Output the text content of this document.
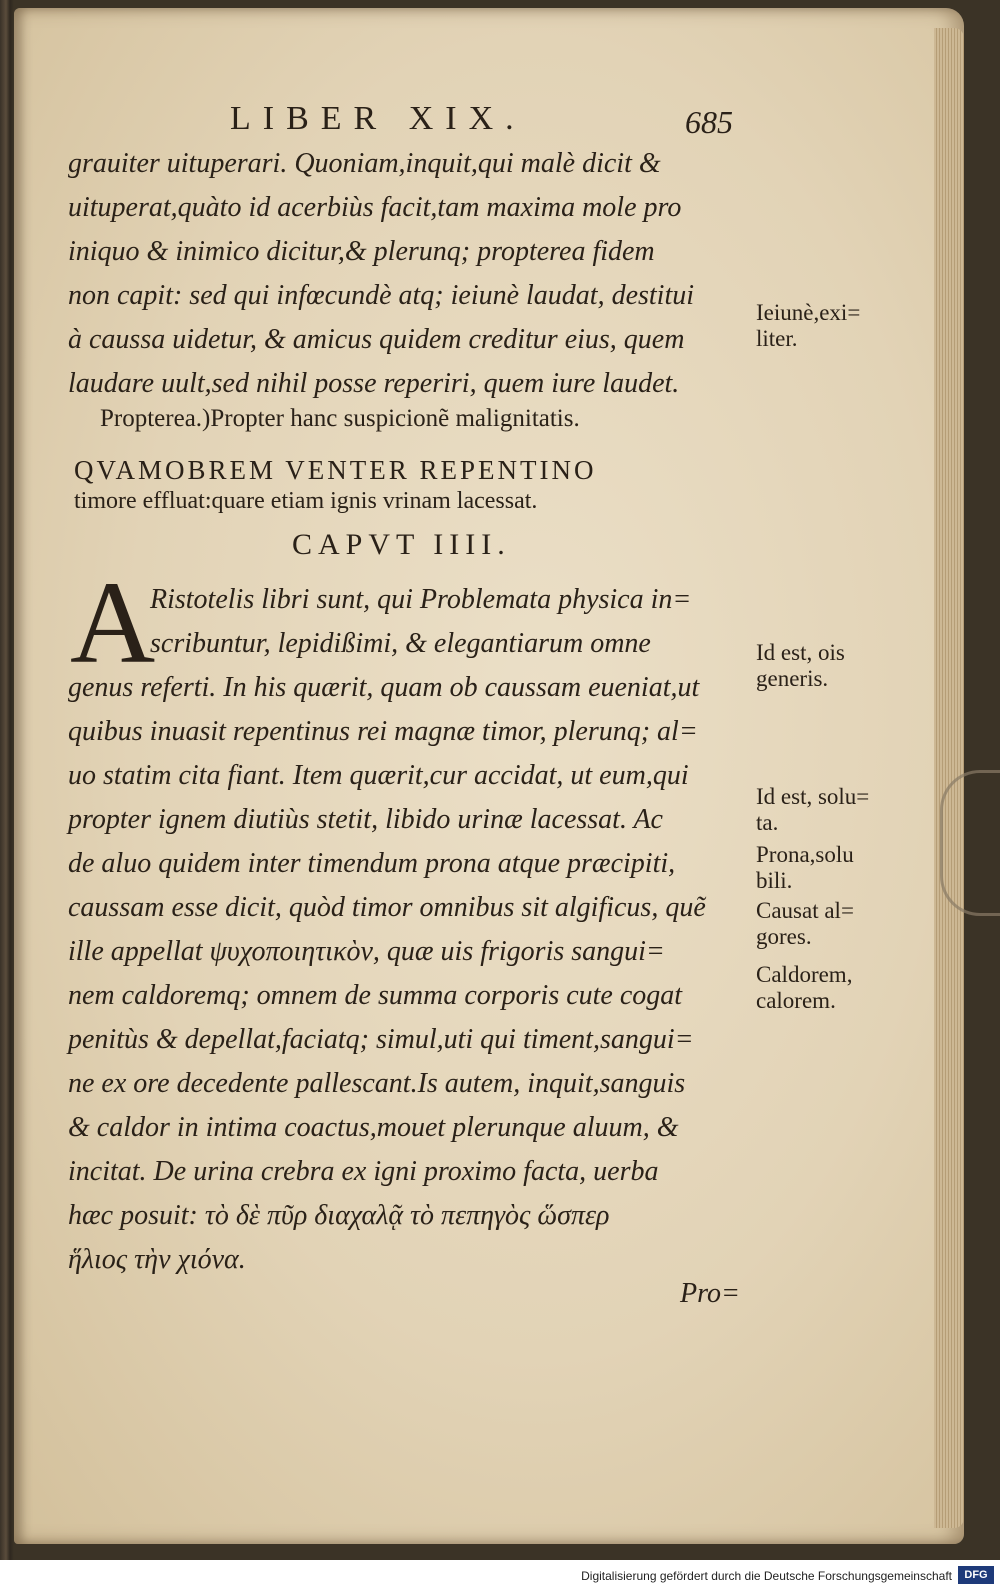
LIBER XIX.	685
grauiter uituperari. Quoniam,inquit,qui malè dicit &
uituperat,quàto id acerbiùs facit,tam maxima mole pro
iniquo & inimico dicitur,& plerunq; propterea fidem
non capit: sed qui infœcundè atq; ieiunè laudat, destitui
à caussa uidetur, & amicus quidem creditur eius, quem
laudare uult,sed nihil posse reperiri, quem iure laudet.
Propterea.)Propter hanc suspicionẽ malignitatis.
QVAMOBREM VENTER REPENTINO
timore effluat:quare etiam ignis vrinam lacessat.
CAPVT IIII.
A
Ristotelis libri sunt, qui Problemata physica in=
scribuntur, lepidißimi, & elegantiarum omne
genus referti. In his quærit, quam ob caussam eueniat,ut
quibus inuasit repentinus rei magnæ timor, plerunq; al=
uo statim cita fiant. Item quærit,cur accidat, ut eum,qui
propter ignem diutiùs stetit, libido urinæ lacessat. Ac
de aluo quidem inter timendum prona atque præcipiti,
caussam esse dicit, quòd timor omnibus sit algificus, quẽ
ille appellat ψυχοποιητικὸν, quæ uis frigoris sangui=
nem caldoremq; omnem de summa corporis cute cogat
penitùs & depellat,faciatq; simul,uti qui timent,sangui=
ne ex ore decedente pallescant.Is autem, inquit,sanguis
& caldor in intima coactus,mouet plerunque aluum, &
incitat. De urina crebra ex igni proximo facta, uerba
hæc posuit: τὸ δὲ πῦρ διαχαλᾷ τὸ πεπηγὸς ὥσπερ
ἥλιος τὴν χιόνα.
Ieiunè,exi=
liter.
Id est, ois
generis.
Id est, solu=
ta.
Prona,solu
bili.
Causat al=
gores.
Caldorem,
calorem.
Pro=
Digitalisierung gefördert durch die Deutsche Forschungsgemeinschaft	DFG
